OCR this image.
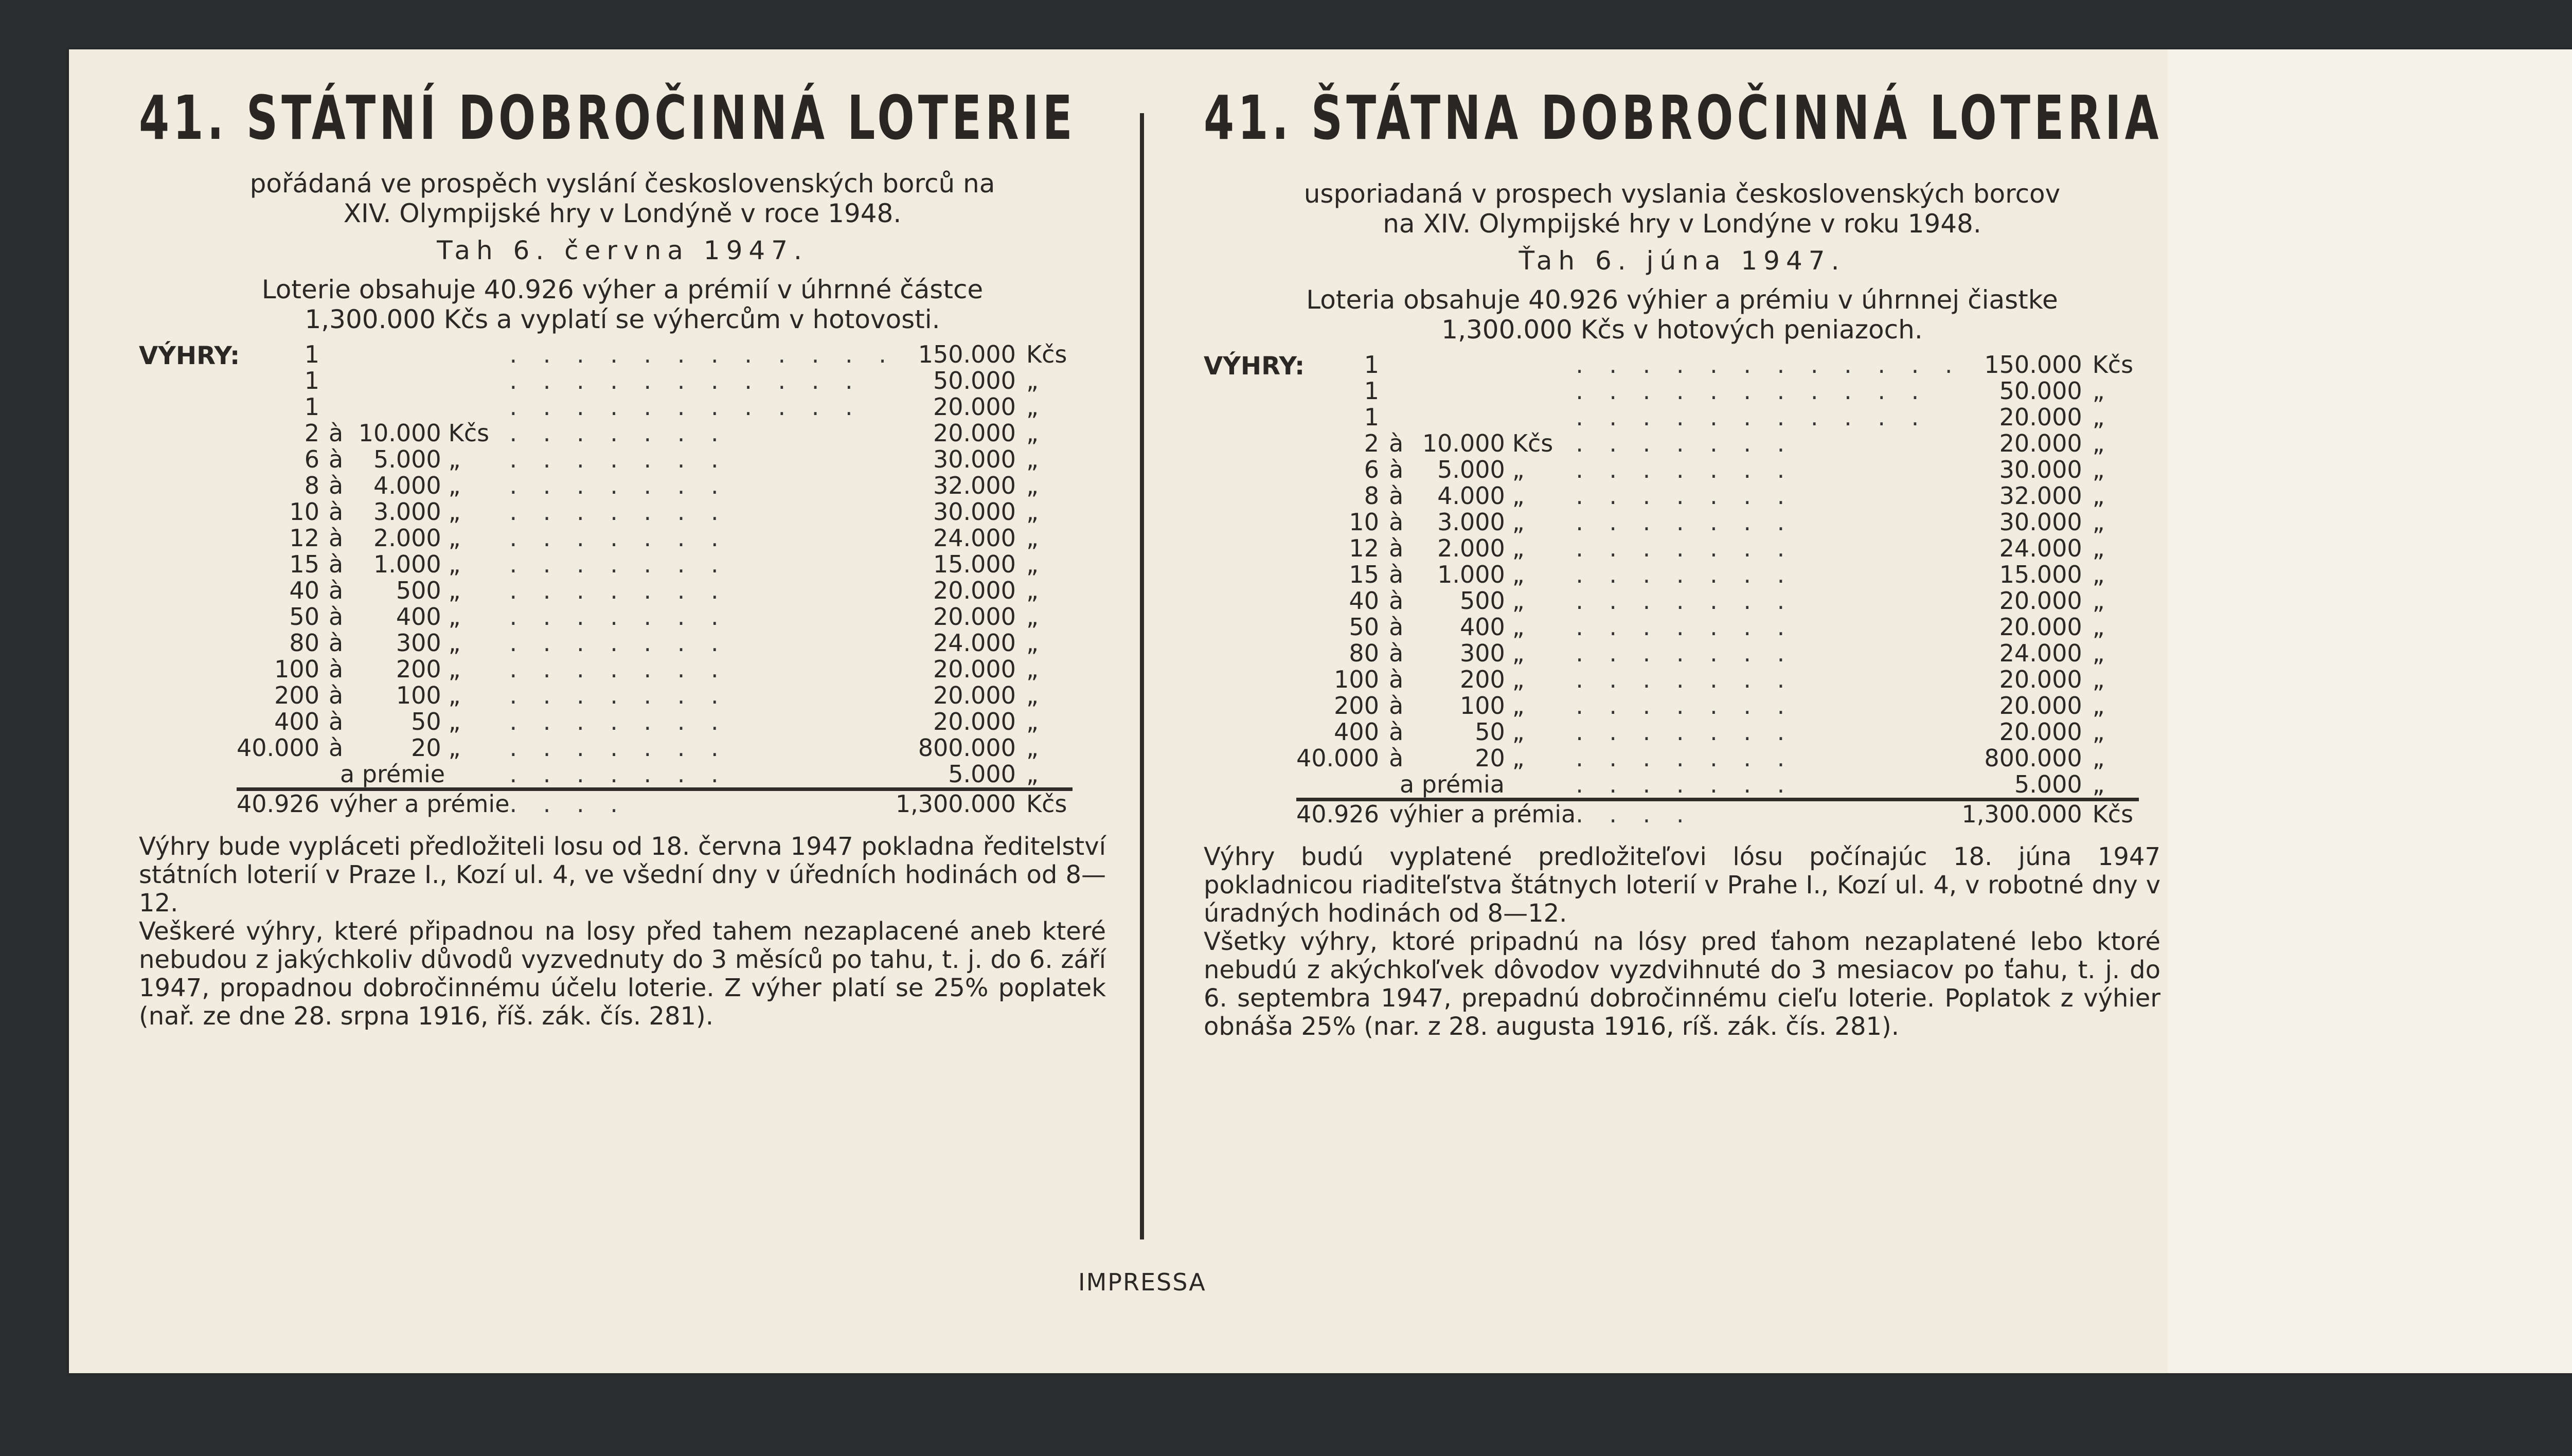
41. STÁTNÍ DOBROČINNÁ LOTERIE

pořádaná ve prospěch vyslání československých borců na

XIV. Olympijské hry v Londýně v roce 1948.

Tah 6. června 1947.

Loterie obsahuje 40.926 výher a prémií v úhrnné částce

1,300.000 Kčs a vyplatí se výhercům v hotovosti.

VÝHRY:	1				. . . . . . . . . . . .	150.000	Kčs
1				. . . . . . . . . . .	50.000	„
1				. . . . . . . . . . .	20.000	„
2	à	10.000	Kčs	. . . . . . .	20.000	„
6	à	5.000	„	. . . . . . .	30.000	„
8	à	4.000	„	. . . . . . .	32.000	„
10	à	3.000	„	. . . . . . .	30.000	„
12	à	2.000	„	. . . . . . .	24.000	„
15	à	1.000	„	. . . . . . .	15.000	„
40	à	500	„	. . . . . . .	20.000	„
50	à	400	„	. . . . . . .	20.000	„
80	à	300	„	. . . . . . .	24.000	„
100	à	200	„	. . . . . . .	20.000	„
200	à	100	„	. . . . . . .	20.000	„
400	à	50	„	. . . . . . .	20.000	„
40.000	à	20	„	. . . . . . .	800.000	„
	a prémie			. . . . . . .	5.000	„
40.926	výher a prémie			. . . .	1,300.000	Kčs

Výhry bude vypláceti předložiteli losu od 18. června 1947 pokladna ředitelství státních loterií v Praze I., Kozí ul. 4, ve všední dny v úředních hodinách od 8—12.

Veškeré výhry, které připadnou na losy před tahem nezaplacené aneb které nebudou z jakýchkoliv důvodů vyzvednuty do 3 měsíců po tahu, t. j. do 6. září 1947, propadnou dobročinnému účelu loterie. Z výher platí se 25% poplatek (nař. ze dne 28. srpna 1916, říš. zák. čís. 281).

41. ŠTÁTNA DOBROČINNÁ LOTERIA

usporiadaná v prospech vyslania československých borcov

na XIV. Olympijské hry v Londýne v roku 1948.

Ťah 6. júna 1947.

Loteria obsahuje 40.926 výhier a prémiu v úhrnnej čiastke

1,300.000 Kčs v hotových peniazoch.

VÝHRY:	1				. . . . . . . . . . . .	150.000	Kčs
1				. . . . . . . . . . .	50.000	„
1				. . . . . . . . . . .	20.000	„
2	à	10.000	Kčs	. . . . . . .	20.000	„
6	à	5.000	„	. . . . . . .	30.000	„
8	à	4.000	„	. . . . . . .	32.000	„
10	à	3.000	„	. . . . . . .	30.000	„
12	à	2.000	„	. . . . . . .	24.000	„
15	à	1.000	„	. . . . . . .	15.000	„
40	à	500	„	. . . . . . .	20.000	„
50	à	400	„	. . . . . . .	20.000	„
80	à	300	„	. . . . . . .	24.000	„
100	à	200	„	. . . . . . .	20.000	„
200	à	100	„	. . . . . . .	20.000	„
400	à	50	„	. . . . . . .	20.000	„
40.000	à	20	„	. . . . . . .	800.000	„
	a prémia			. . . . . . .	5.000	„
40.926	výhier a prémia			. . . .	1,300.000	Kčs

Výhry budú vyplatené predložiteľovi lósu počínajúc 18. júna 1947 pokladnicou riaditeľstva štátnych loterií v Prahe I., Kozí ul. 4, v robotné dny v úradných hodinách od 8—12.

Všetky výhry, ktoré pripadnú na lósy pred ťahom nezaplatené lebo ktoré nebudú z akýchkoľvek dôvodov vyzdvihnuté do 3 mesiacov po ťahu, t. j. do 6. septembra 1947, prepadnú dobročinnému cieľu loterie. Poplatok z výhier obnáša 25% (nar. z 28. augusta 1916, ríš. zák. čís. 281).

IMPRESSA
